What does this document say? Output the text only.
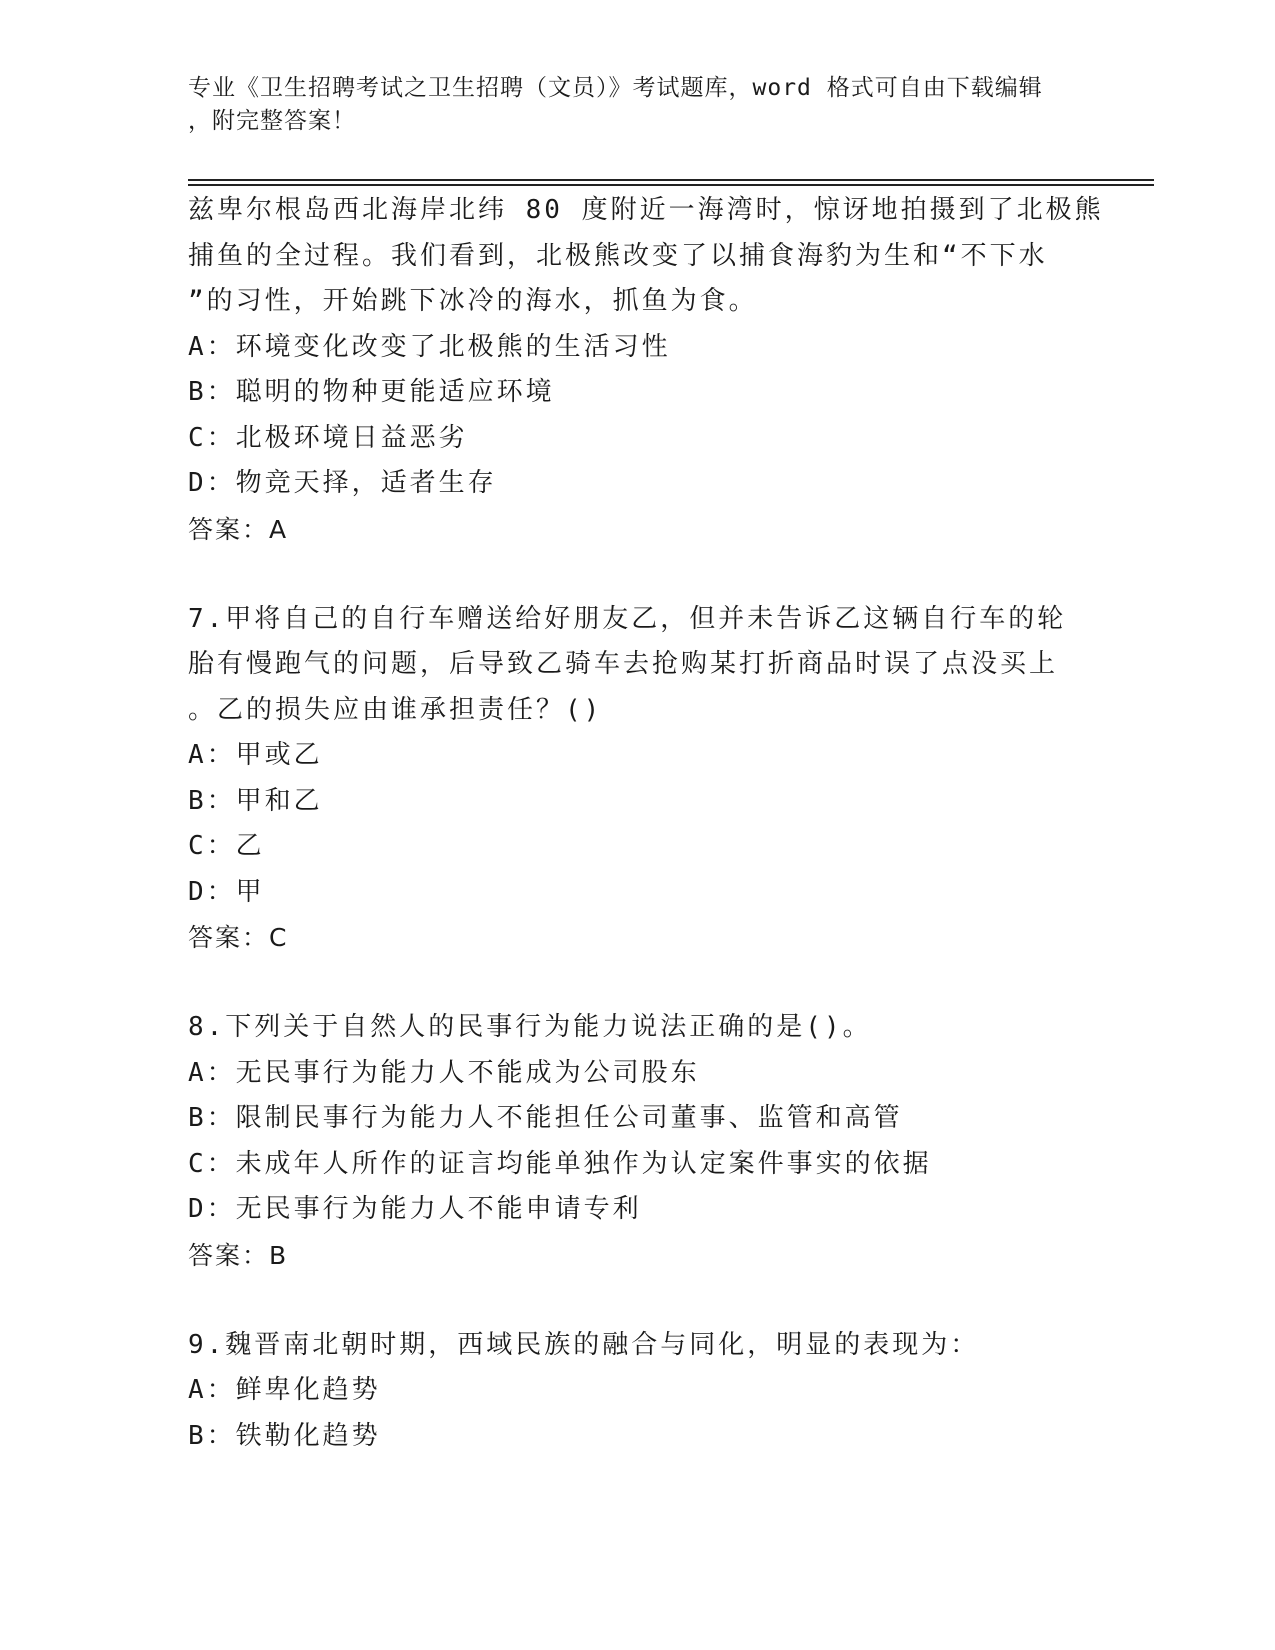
专业《卫生招聘考试之卫生招聘（文员）》考试题库，word 格式可自由下载编辑
，附完整答案！
兹卑尔根岛西北海岸北纬 80 度附近一海湾时，惊讶地拍摄到了北极熊
捕鱼的全过程。我们看到，北极熊改变了以捕食海豹为生和“不下水
”的习性，开始跳下冰冷的海水，抓鱼为食。
A：环境变化改变了北极熊的生活习性
B：聪明的物种更能适应环境
C：北极环境日益恶劣
D：物竞天择，适者生存
答案：A
7.甲将自己的自行车赠送给好朋友乙，但并未告诉乙这辆自行车的轮
胎有慢跑气的问题，后导致乙骑车去抢购某打折商品时误了点没买上
。乙的损失应由谁承担责任？()
A：甲或乙
B：甲和乙
C：乙
D：甲
答案：C
8.下列关于自然人的民事行为能力说法正确的是()。
A：无民事行为能力人不能成为公司股东
B：限制民事行为能力人不能担任公司董事、监管和高管
C：未成年人所作的证言均能单独作为认定案件事实的依据
D：无民事行为能力人不能申请专利
答案：B
9.魏晋南北朝时期，西域民族的融合与同化，明显的表现为：
A：鲜卑化趋势
B：铁勒化趋势
